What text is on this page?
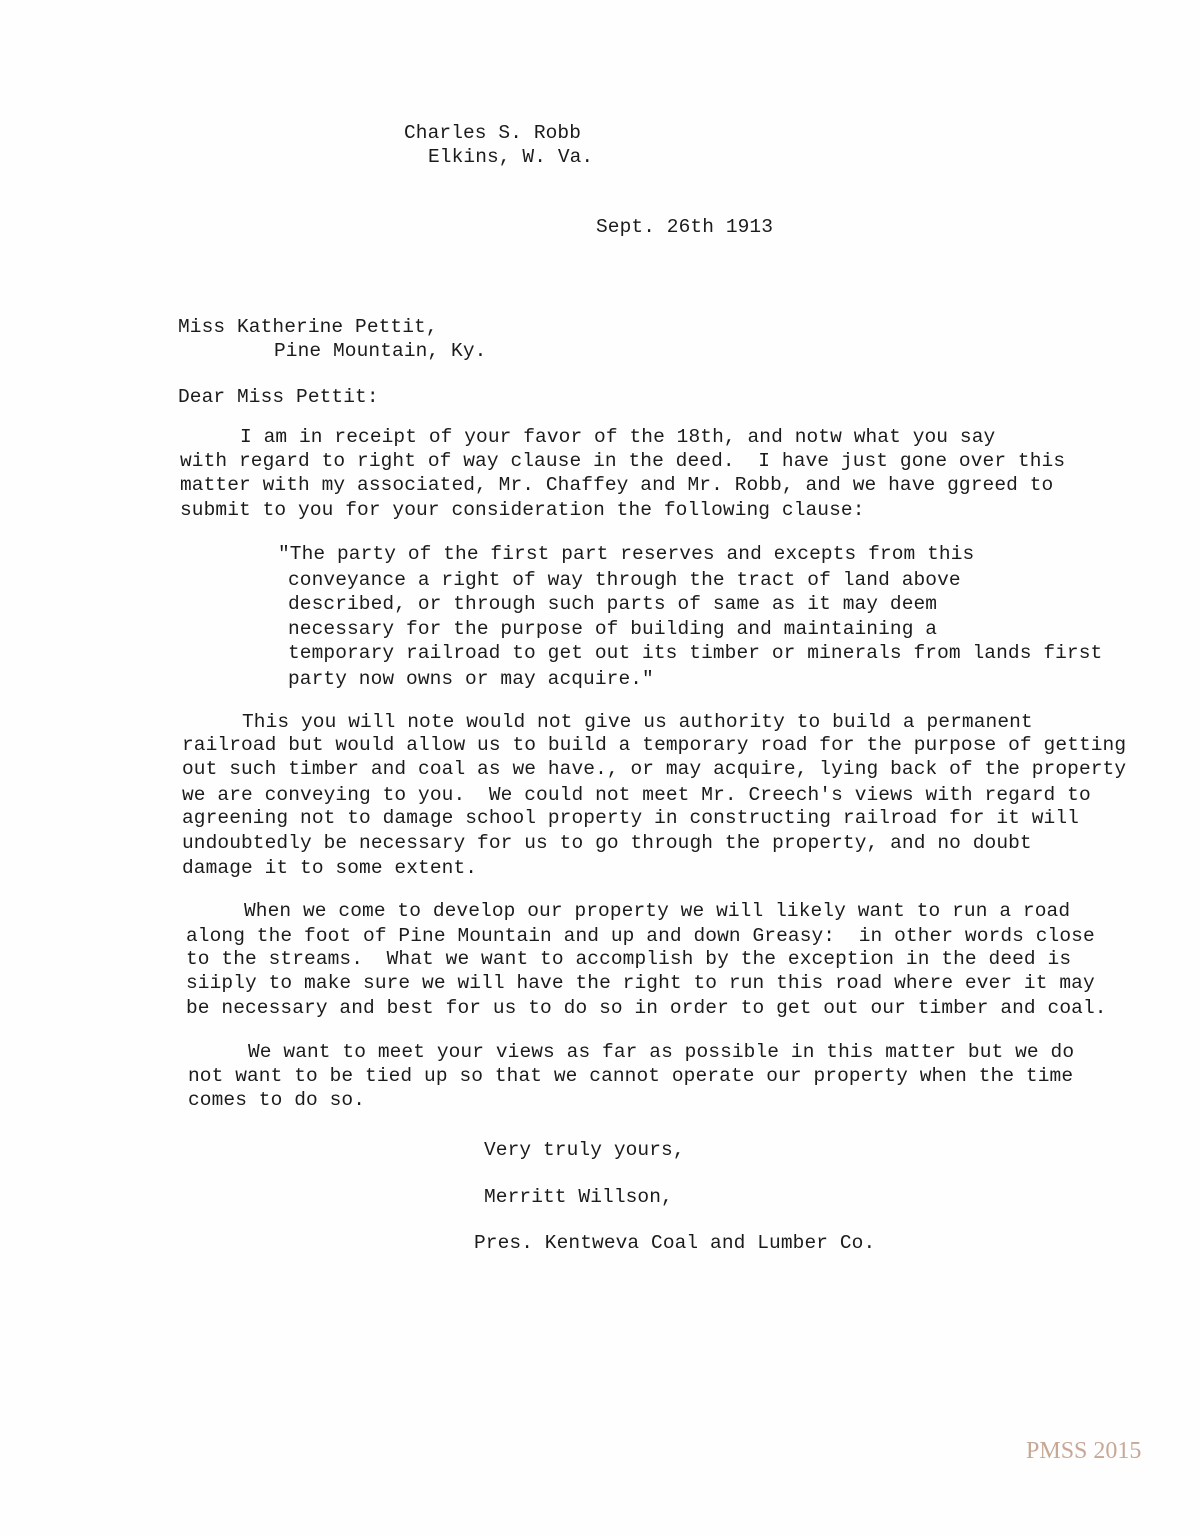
Charles S. Robb
Elkins, W. Va.
Sept. 26th 1913
Miss Katherine Pettit,
Pine Mountain, Ky.
Dear Miss Pettit:
I am in receipt of your favor of the 18th, and notw what you say
with regard to right of way clause in the deed.  I have just gone over this
matter with my associated, Mr. Chaffey and Mr. Robb, and we have ggreed to
submit to you for your consideration the following clause:
"The party of the first part reserves and excepts from this
conveyance a right of way through the tract of land above
described, or through such parts of same as it may deem
necessary for the purpose of building and maintaining a
temporary railroad to get out its timber or minerals from lands first
party now owns or may acquire."
This you will note would not give us authority to build a permanent
railroad but would allow us to build a temporary road for the purpose of getting
out such timber and coal as we have., or may acquire, lying back of the property
we are conveying to you.  We could not meet Mr. Creech's views with regard to
agreening not to damage school property in constructing railroad for it will
undoubtedly be necessary for us to go through the property, and no doubt
damage it to some extent.
When we come to develop our property we will likely want to run a road
along the foot of Pine Mountain and up and down Greasy:  in other words close
to the streams.  What we want to accomplish by the exception in the deed is
siiply to make sure we will have the right to run this road where ever it may
be necessary and best for us to do so in order to get out our timber and coal.
We want to meet your views as far as possible in this matter but we do
not want to be tied up so that we cannot operate our property when the time
comes to do so.
Very truly yours,
Merritt Willson,
Pres. Kentweva Coal and Lumber Co.
PMSS 2015
